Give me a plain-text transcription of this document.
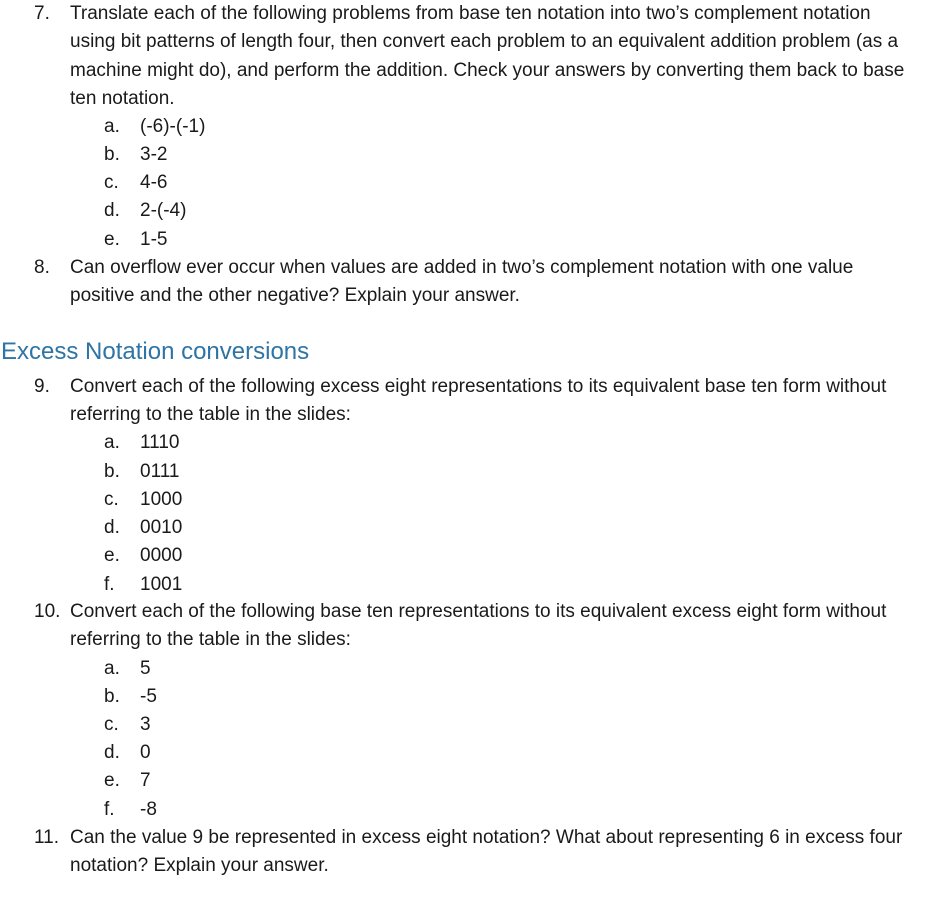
7. Translate each of the following problems from base ten notation into two’s complement notation using bit patterns of length four, then convert each problem to an equivalent addition problem (as a machine might do), and perform the addition. Check your answers by converting them back to base ten notation.
a. (-6)-(-1)
b. 3-2
c. 4-6
d. 2-(-4)
e. 1-5
8. Can overflow ever occur when values are added in two’s complement notation with one value positive and the other negative? Explain your answer.
Excess Notation conversions
9. Convert each of the following excess eight representations to its equivalent base ten form without referring to the table in the slides:
a. 1110
b. 0111
c. 1000
d. 0010
e. 0000
f. 1001
10. Convert each of the following base ten representations to its equivalent excess eight form without referring to the table in the slides:
a. 5
b. -5
c. 3
d. 0
e. 7
f. -8
11. Can the value 9 be represented in excess eight notation? What about representing 6 in excess four notation? Explain your answer.
